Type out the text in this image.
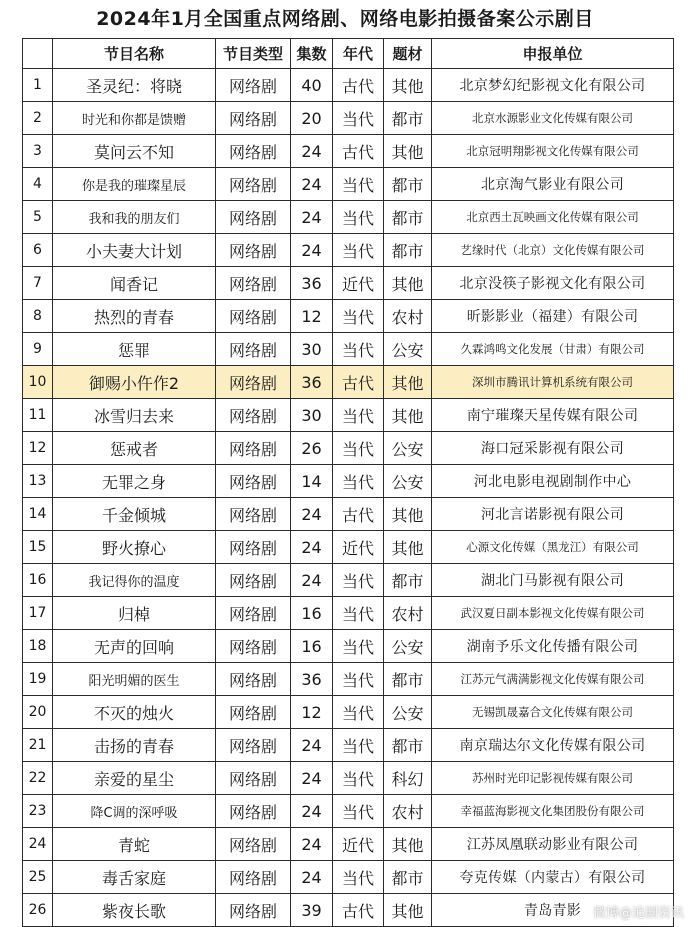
2024年1月全国重点网络剧、网络电影拍摄备案公示剧目
	节目名称	节目类型	集数	年代	题材	申报单位
1	圣灵纪：将晓	网络剧	40	古代	其他	北京梦幻纪影视文化有限公司
2	时光和你都是馈赠	网络剧	20	当代	都市	北京水源影业文化传媒有限公司
3	莫问云不知	网络剧	24	古代	其他	北京冠明翔影视文化传媒有限公司
4	你是我的璀璨星辰	网络剧	24	当代	都市	北京淘气影业有限公司
5	我和我的朋友们	网络剧	24	当代	都市	北京西土瓦映画文化传媒有限公司
6	小夫妻大计划	网络剧	24	当代	都市	艺缘时代（北京）文化传媒有限公司
7	闻香记	网络剧	36	近代	其他	北京没筷子影视文化有限公司
8	热烈的青春	网络剧	12	当代	农村	昕影影业（福建）有限公司
9	惩罪	网络剧	30	当代	公安	久霖鸿鸣文化发展（甘肃）有限公司
10	御赐小仵作2	网络剧	36	古代	其他	深圳市腾讯计算机系统有限公司
11	冰雪归去来	网络剧	30	当代	其他	南宁璀璨天星传媒有限公司
12	惩戒者	网络剧	26	当代	公安	海口冠采影视有限公司
13	无罪之身	网络剧	14	当代	公安	河北电影电视剧制作中心
14	千金倾城	网络剧	24	古代	其他	河北言诺影视有限公司
15	野火撩心	网络剧	24	近代	其他	心源文化传媒（黑龙江）有限公司
16	我记得你的温度	网络剧	24	当代	都市	湖北门马影视有限公司
17	归棹	网络剧	16	当代	农村	武汉夏日副本影视文化传媒有限公司
18	无声的回响	网络剧	16	当代	公安	湖南予乐文化传播有限公司
19	阳光明媚的医生	网络剧	36	当代	都市	江苏元气满满影视文化传媒有限公司
20	不灭的烛火	网络剧	12	当代	公安	无锡凯晟嘉合文化传媒有限公司
21	击扬的青春	网络剧	24	当代	都市	南京瑞达尔文化传媒有限公司
22	亲爱的星尘	网络剧	24	当代	科幻	苏州时光印记影视传媒有限公司
23	降C调的深呼吸	网络剧	24	当代	农村	幸福蓝海影视文化集团股份有限公司
24	青蛇	网络剧	24	近代	其他	江苏凤凰联动影业有限公司
25	毒舌家庭	网络剧	24	当代	都市	夸克传媒（内蒙古）有限公司
26	紫夜长歌	网络剧	39	古代	其他	青岛青影 微博@追剧资讯
